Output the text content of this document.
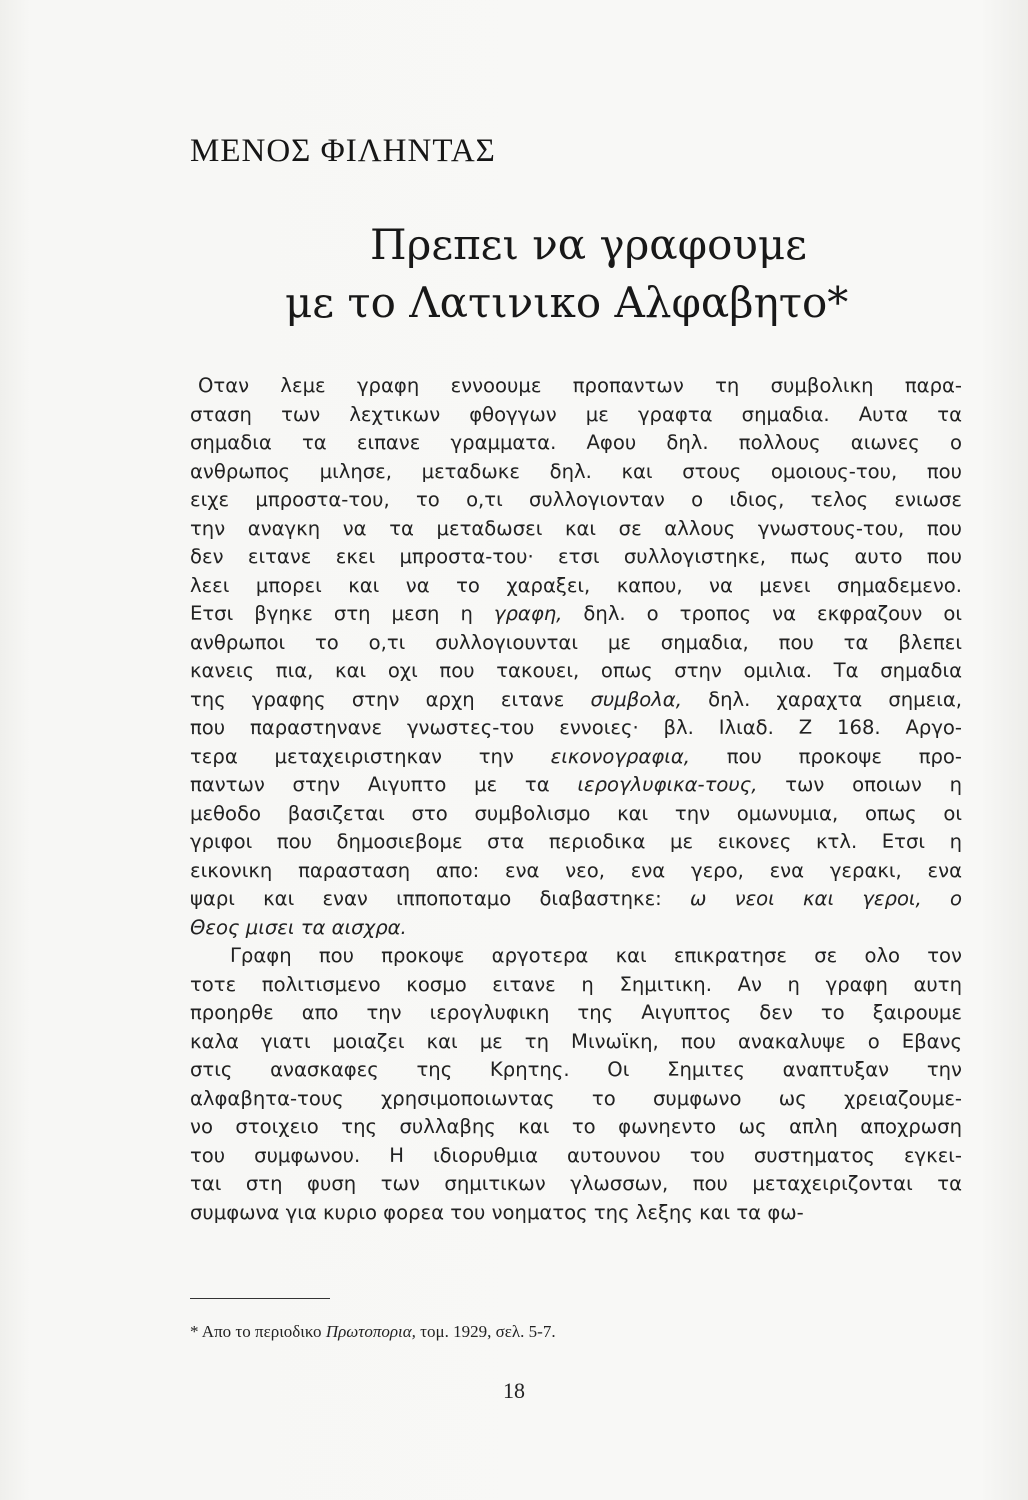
ΜΕΝΟΣ ΦΙΛΗΝΤΑΣ
Πρεπει να γραφουμε
με το Λατινικο Αλφαβητο*
Οταν λεμε γραφη εννοουμε προπαντων τη συμβολικη παρα-
σταση των λεχτικων φθογγων με γραφτα σημαδια. Αυτα τα
σημαδια τα ειπανε γραμματα. Αφου δηλ. πολλους αιωνες ο
ανθρωπος μιλησε, μεταδωκε δηλ. και στους ομοιους-του, που
ειχε μπροστα-του, το ο,τι συλλογιονταν ο ιδιος, τελος ενιωσε
την αναγκη να τα μεταδωσει και σε αλλους γνωστους-του, που
δεν ειτανε εκει μπροστα-του· ετσι συλλογιστηκε, πως αυτο που
λεει μπορει και να το χαραξει, καπου, να μενει σημαδεμενο.
Ετσι βγηκε στη μεση η γραφη, δηλ. ο τροπος να εκφραζουν οι
ανθρωποι το ο,τι συλλογιουνται με σημαδια, που τα βλεπει
κανεις πια, και οχι που τακουει, οπως στην ομιλια. Τα σημαδια
της γραφης στην αρχη ειτανε συμβολα, δηλ. χαραχτα σημεια,
που παραστηνανε γνωστες-του εννοιες· βλ. Ιλιαδ. Ζ 168. Αργο-
τερα μεταχειριστηκαν την εικονογραφια, που προκοψε προ-
παντων στην Αιγυπτο με τα ιερογλυφικα-τους, των οποιων η
μεθοδο βασιζεται στο συμβολισμο και την ομωνυμια, οπως οι
γριφοι που δημοσιεβομε στα περιοδικα με εικονες κτλ. Ετσι η
εικονικη παρασταση απο: ενα νεο, ενα γερο, ενα γερακι, ενα
ψαρι και εναν ιπποποταμο διαβαστηκε: ω νεοι και γεροι, ο
Θεος μισει τα αισχρα.
Γραφη που προκοψε αργοτερα και επικρατησε σε ολο τον
τοτε πολιτισμενο κοσμο ειτανε η Σημιτικη. Αν η γραφη αυτη
προηρθε απο την ιερογλυφικη της Αιγυπτος δεν το ξαιρουμε
καλα γιατι μοιαζει και με τη Μινωϊκη, που ανακαλυψε ο Εβανς
στις ανασκαφες της Κρητης. Οι Σημιτες αναπτυξαν την
αλφαβητα-τους χρησιμοποιωντας το συμφωνο ως χρειαζουμε-
νο στοιχειο της συλλαβης και το φωνηεντο ως απλη αποχρωση
του συμφωνου. Η ιδιορυθμια αυτουνου του συστηματος εγκει-
ται στη φυση των σημιτικων γλωσσων, που μεταχειριζονται τα
συμφωνα για κυριο φορεα του νοηματος της λεξης και τα φω-
* Απο το περιοδικο Πρωτοπορια, τομ. 1929, σελ. 5-7.
18
